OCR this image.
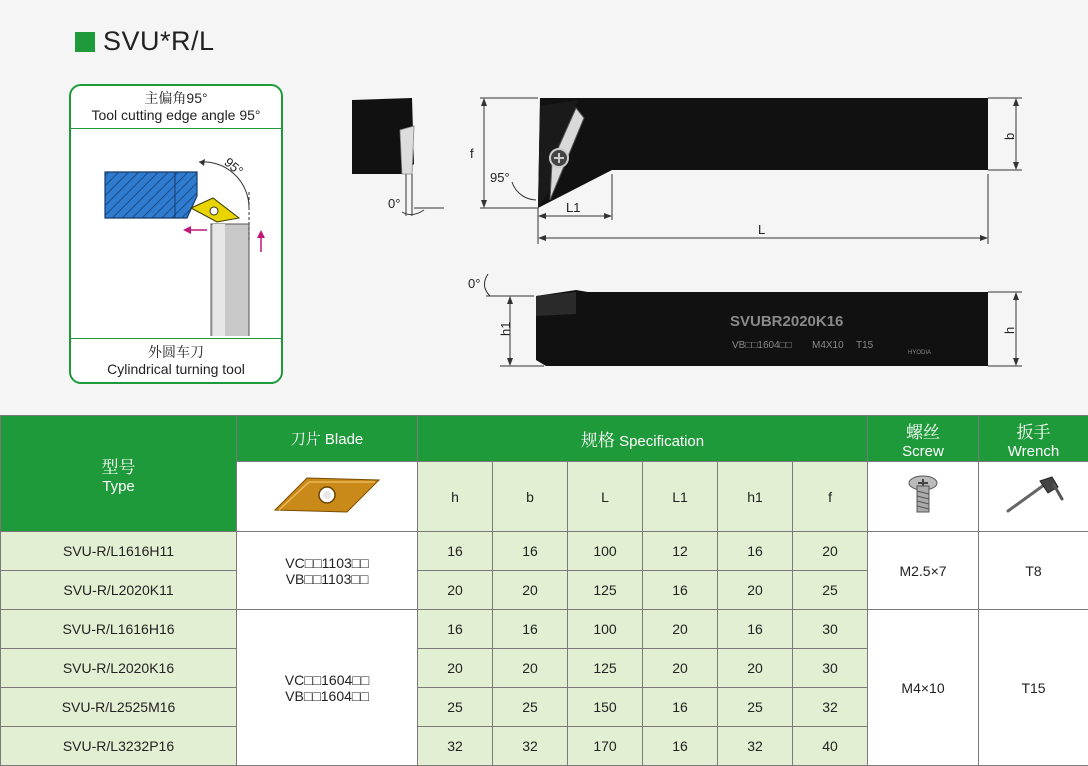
SVU*R/L
主偏角95°
Tool cutting edge angle 95°
95°
外圆车刀
Cylindrical turning tool
0°
f
95°
b
L1
L
SVUBR2020K16
VB□□1604□□ M4X10 T15
HYODIA
h1
0°
h
型号
Type	刀片 Blade	规格 Specification						螺丝
Screw	扳手
Wrench
	h	b	L	L1	h1	f		
SVU-R/L1616H11	VC□□1103□□
VB□□1103□□	16	16	100	12	16	20	M2.5×7	T8
SVU-R/L2020K11		20	20	125	16	20	25		
SVU-R/L1616H16	VC□□1604□□
VB□□1604□□	16	16	100	20	16	30	M4×10	T15
SVU-R/L2020K16		20	20	125	20	20	30		
SVU-R/L2525M16		25	25	150	16	25	32		
SVU-R/L3232P16		32	32	170	16	32	40		
